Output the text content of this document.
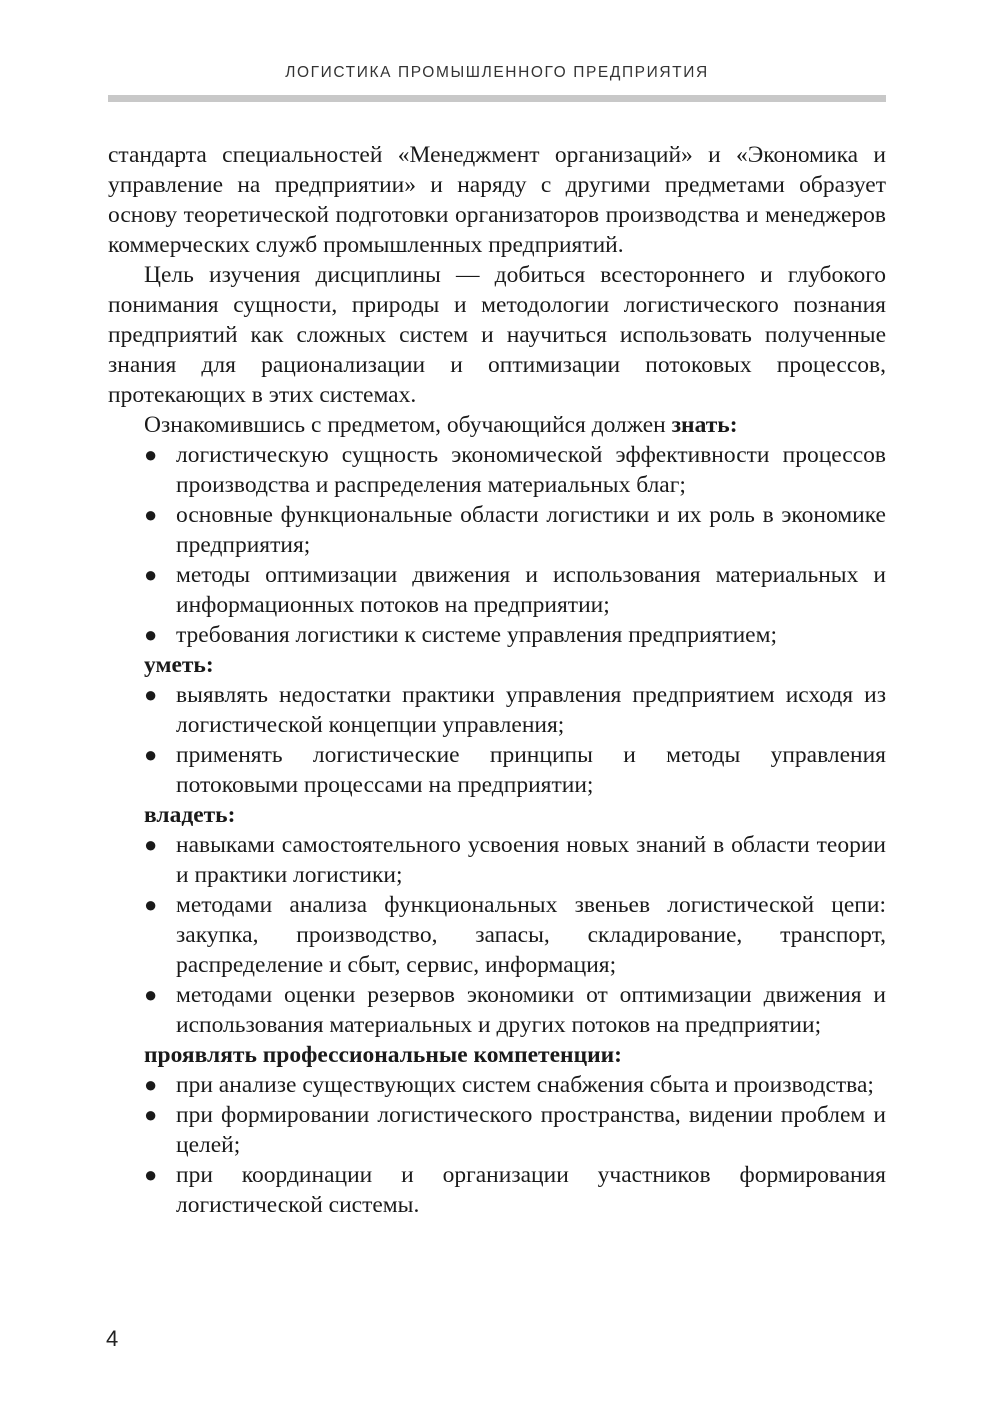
ЛОГИСТИКА ПРОМЫШЛЕННОГО ПРЕДПРИЯТИЯ

стандарта специальностей «Менеджмент организаций» и «Экономика и управление на предприятии» и наряду с другими предметами образует основу теоретической подготовки организаторов производства и менеджеров коммерческих служб промышленных предприятий.

Цель изучения дисциплины — добиться всестороннего и глубокого понимания сущности, природы и методологии логистического познания предприятий как сложных систем и научиться использовать полученные знания для рационализации и оптимизации потоковых процессов, протекающих в этих системах.

Ознакомившись с предметом, обучающийся должен знать:

● логистическую сущность экономической эффективности процессов производства и распределения материальных благ;
● основные функциональные области логистики и их роль в экономике предприятия;
● методы оптимизации движения и использования материальных и информационных потоков на предприятии;
● требования логистики к системе управления предприятием;

уметь:

● выявлять недостатки практики управления предприятием исходя из логистической концепции управления;
● применять логистические принципы и методы управления потоковыми процессами на предприятии;

владеть:

● навыками самостоятельного усвоения новых знаний в области теории и практики логистики;
● методами анализа функциональных звеньев логистической цепи: закупка, производство, запасы, складирование, транспорт, распределение и сбыт, сервис, информация;
● методами оценки резервов экономики от оптимизации движения и использования материальных и других потоков на предприятии;

проявлять профессиональные компетенции:

● при анализе существующих систем снабжения сбыта и производства;
● при формировании логистического пространства, видении проблем и целей;
● при координации и организации участников формирования логистической системы.
4
